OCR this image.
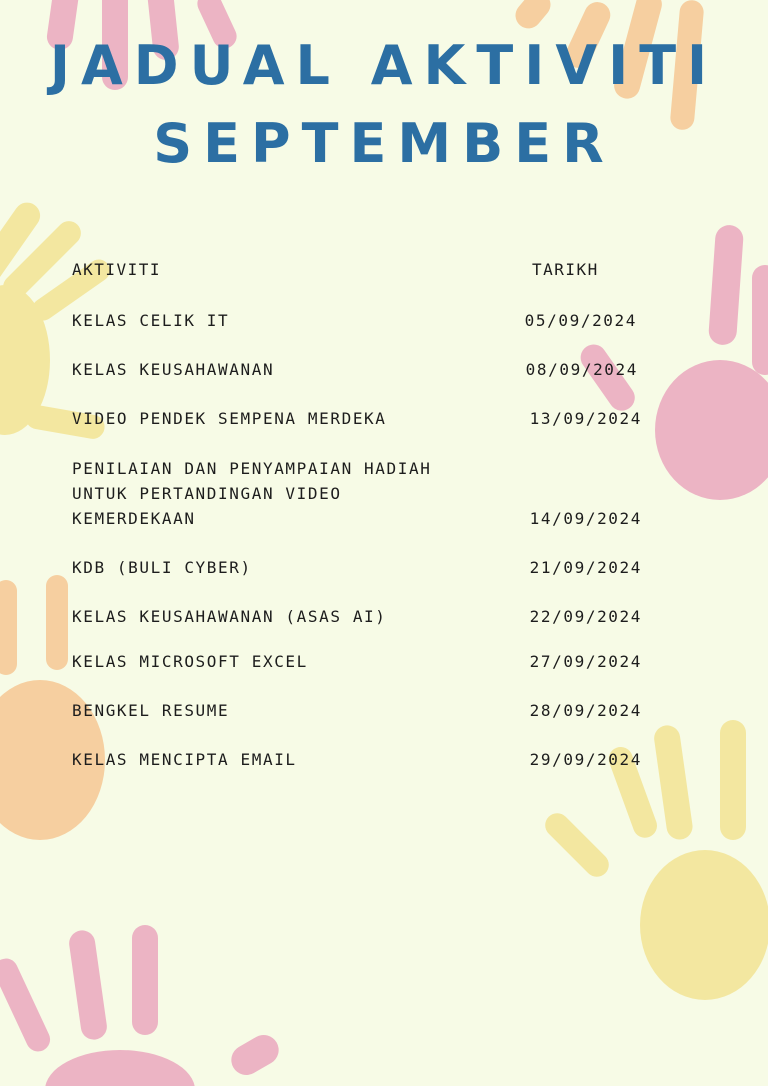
JADUAL AKTIVITI
SEPTEMBER
AKTIVITI	TARIKH
KELAS CELIK IT	05/09/2024
KELAS KEUSAHAWANAN	08/09/2024
VIDEO PENDEK SEMPENA MERDEKA	13/09/2024
PENILAIAN DAN PENYAMPAIAN HADIAH UNTUK PERTANDINGAN VIDEO KEMERDEKAAN	14/09/2024
KDB (BULI CYBER)	21/09/2024
KELAS KEUSAHAWANAN (ASAS AI)	22/09/2024
KELAS MICROSOFT EXCEL	27/09/2024
BENGKEL RESUME	28/09/2024
KELAS MENCIPTA EMAIL	29/09/2024
